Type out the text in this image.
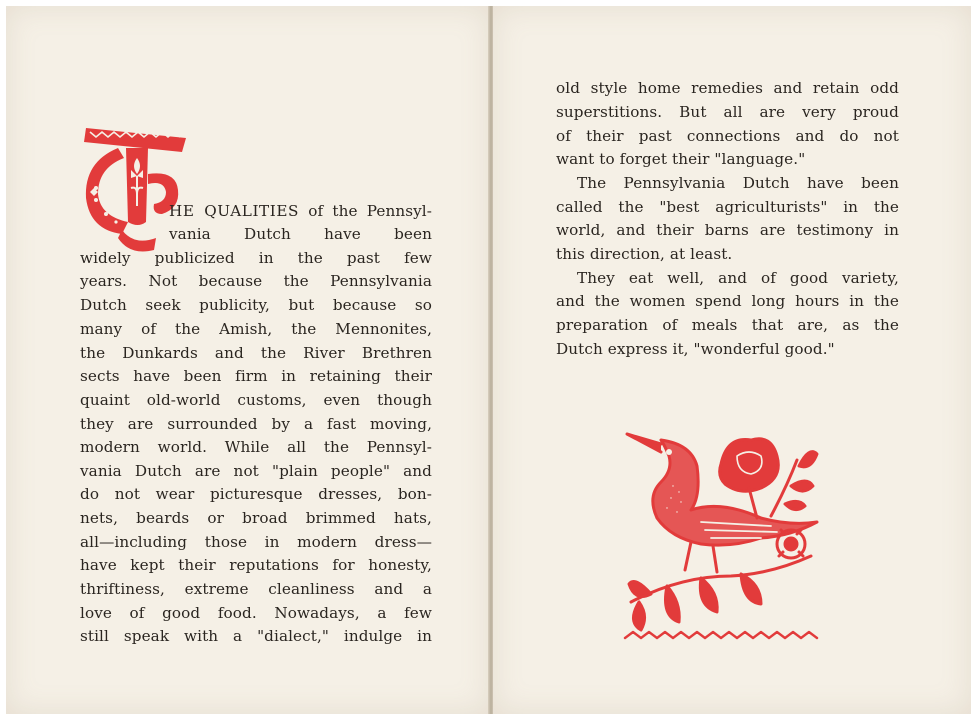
HE QUALITIES of the Pennsyl-
vania Dutch have been
widely publicized in the past few
years. Not because the Pennsylvania
Dutch seek publicity, but because so
many of the Amish, the Mennonites,
the Dunkards and the River Brethren
sects have been firm in retaining their
quaint old-world customs, even though
they are surrounded by a fast moving,
modern world. While all the Pennsyl-
vania Dutch are not "plain people" and
do not wear picturesque dresses, bon-
nets, beards or broad brimmed hats,
all—including those in modern dress—
have kept their reputations for honesty,
thriftiness, extreme cleanliness and a
love of good food. Nowadays, a few
still speak with a "dialect," indulge in
old style home remedies and retain odd
superstitions. But all are very proud
of their past connections and do not
want to forget their "language."
The Pennsylvania Dutch have been
called the "best agriculturists" in the
world, and their barns are testimony in
this direction, at least.
They eat well, and of good variety,
and the women spend long hours in the
preparation of meals that are, as the
Dutch express it, "wonderful good."
